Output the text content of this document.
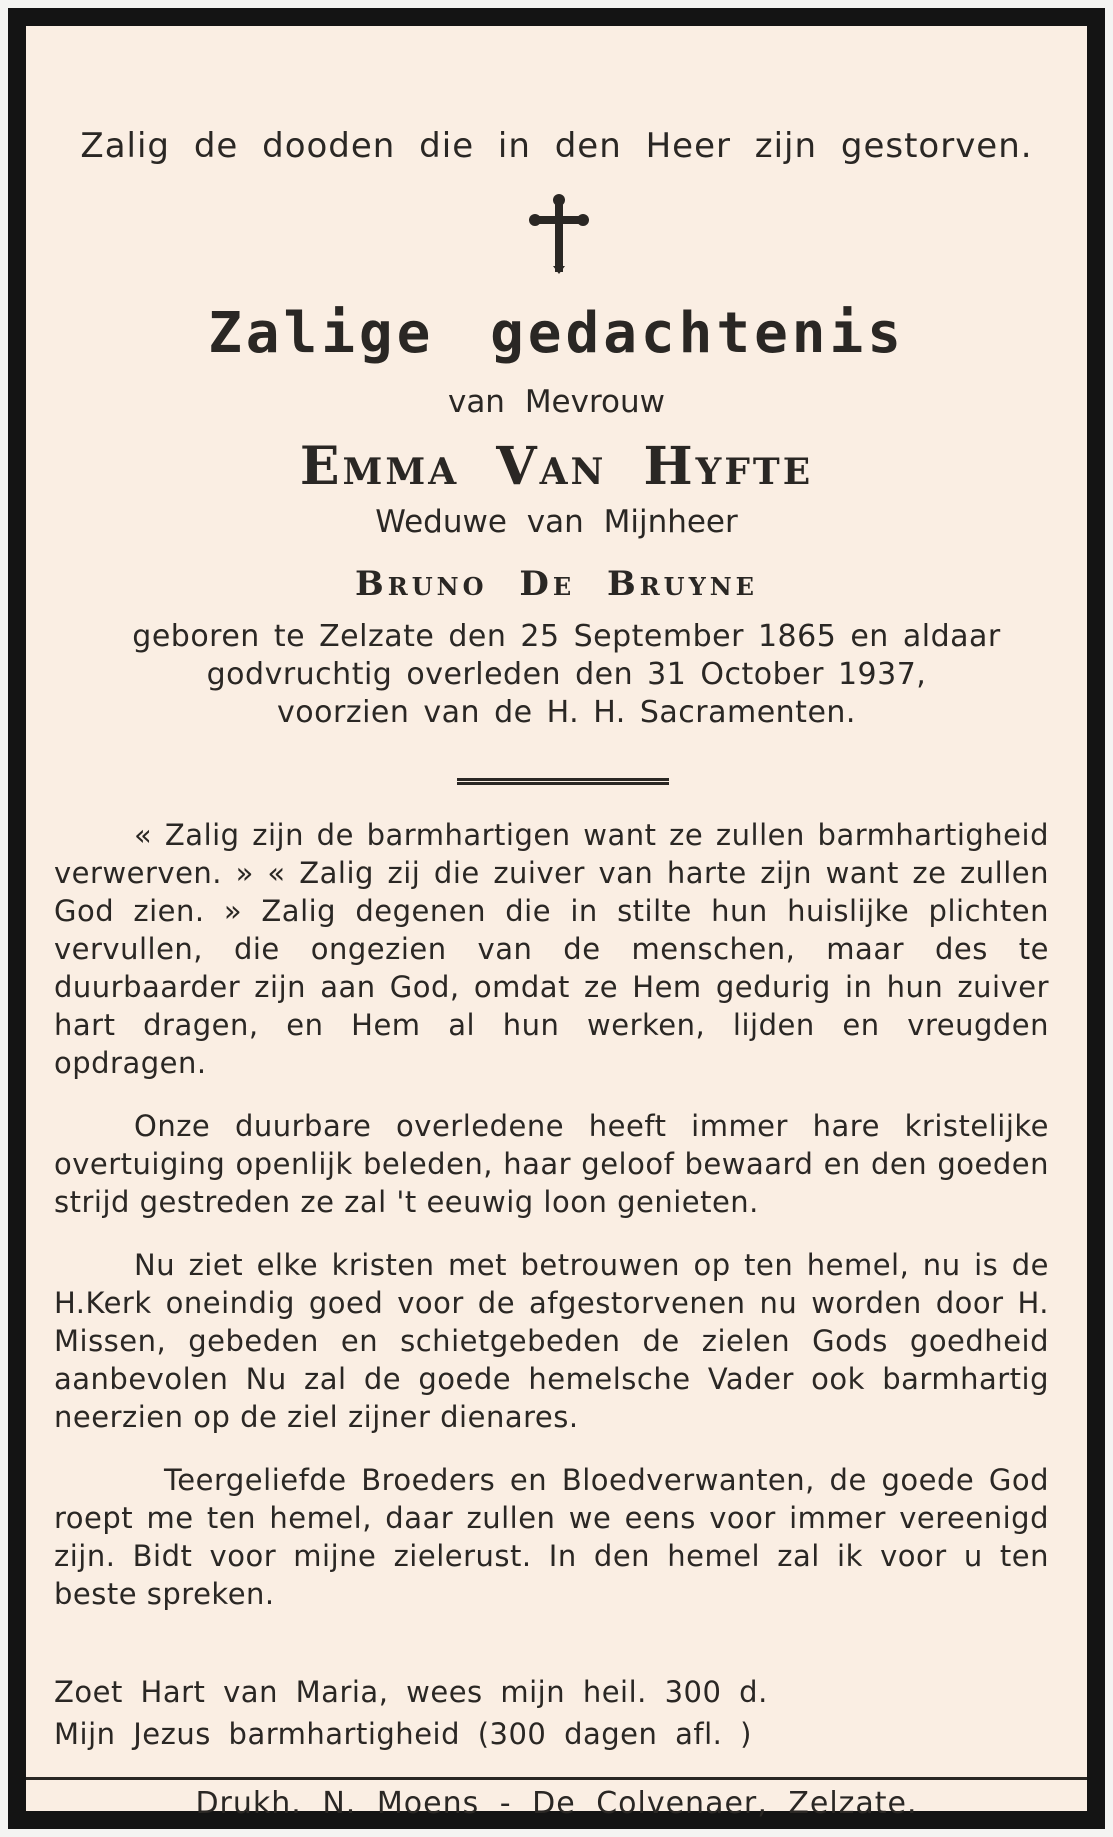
Zalig de dooden die in den Heer zijn gestorven.
Zalige gedachtenis
van Mevrouw
Emma Van Hyfte
Weduwe van Mijnheer
Bruno De Bruyne
geboren te Zelzate den 25 September 1865 en aldaar
godvruchtig overleden den 31 October 1937,
voorzien van de H. H. Sacramenten.

« Zalig zijn de barmhartigen want ze zullen barmhartigheid verwerven. » « Zalig zij die zuiver van harte zijn want ze zullen God zien. » Zalig degenen die in stilte hun huislijke plichten vervullen, die ongezien van de menschen, maar des te duurbaarder zijn aan God, omdat ze Hem gedurig in hun zuiver hart dragen, en Hem al hun werken, lijden en vreugden opdragen.

Onze duurbare overledene heeft immer hare kristelijke overtuiging openlijk beleden, haar geloof bewaard en den goeden strijd gestreden ze zal 't eeuwig loon genieten.

Nu ziet elke kristen met betrouwen op ten hemel, nu is de H.Kerk oneindig goed voor de afgestorvenen nu worden door H. Missen, gebeden en schietgebeden de zielen Gods goedheid aanbevolen Nu zal de goede hemelsche Vader ook barmhartig neerzien op de ziel zijner dienares.

Teergeliefde Broeders en Bloedverwanten, de goede God roept me ten hemel, daar zullen we eens voor immer vereenigd zijn. Bidt voor mijne zielerust. In den hemel zal ik voor u ten beste spreken.

Zoet Hart van Maria, wees mijn heil. 300 d.
Mijn Jezus barmhartigheid (300 dagen afl. )
Drukh. N. Moens - De Colvenaer, Zelzate.
